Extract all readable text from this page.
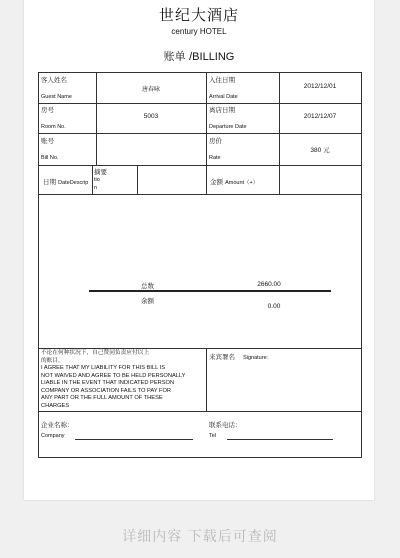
世纪大酒店
century HOTEL
账单 /BILLING
客人姓名
Guest Name
唐春咏
入住日期
Arrival Date
2012/12/01
房号
Room No.
5003
离店日期
Departure Date
2012/12/07
账号
Bill No.
房价
Rate
380 元
日期 DateDescrip
摘要
tio
n
金额 Amount（+）
总数	2660.00
余额
0.00
不论在何种状况下，自己赞同负责应付以上
的账目。
I AGREE THAT MY LIABILITY FOR THIS BILL IS
NOT WAIVED AND AGREE TO BE HELD PERSONALLY
LIABLE IN THE EVENT THAT INDICATED PERSON
COMPANY OR ASSOCIATION FAILS TO PAY FOR
ANY PART OR THE FULL AMOUNT OF THESE
CHARGES
来宾署名 Signature：
企业名称：
Company
联系电话：
Tel
详细内容 下载后可查阅
